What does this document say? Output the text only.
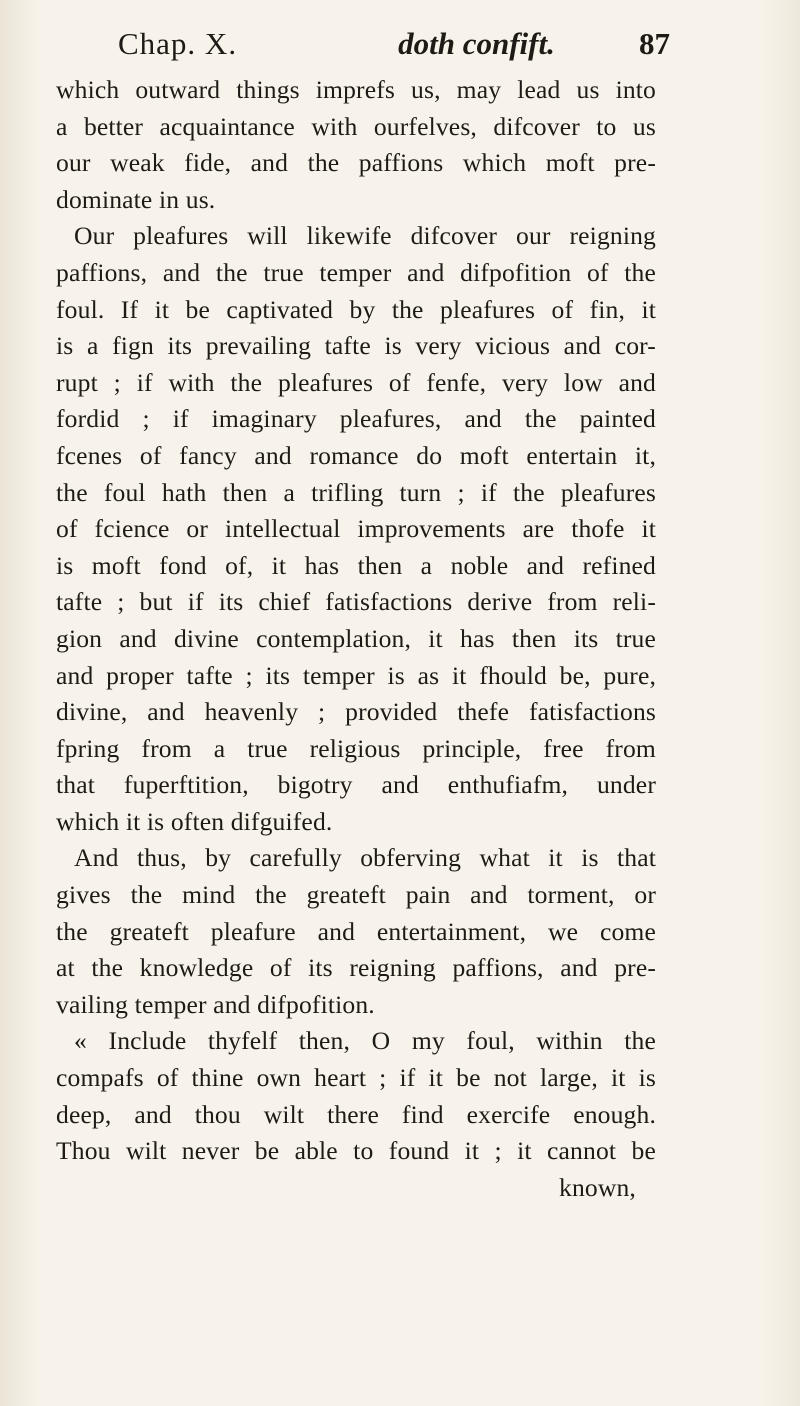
Chap. X.	doth confift.	87
which outward things imprefs us, may lead us into
a better acquaintance with ourfelves, difcover to us
our weak fide, and the paffions which moft pre-
dominate in us.
Our pleafures will likewife difcover our reigning
paffions, and the true temper and difpofition of the
foul. If it be captivated by the pleafures of fin, it
is a fign its prevailing tafte is very vicious and cor-
rupt ; if with the pleafures of fenfe, very low and
fordid ; if imaginary pleafures, and the painted
fcenes of fancy and romance do moft entertain it,
the foul hath then a trifling turn ; if the pleafures
of fcience or intellectual improvements are thofe it
is moft fond of, it has then a noble and refined
tafte ; but if its chief fatisfactions derive from reli-
gion and divine contemplation, it has then its true
and proper tafte ; its temper is as it fhould be, pure,
divine, and heavenly ; provided thefe fatisfactions
fpring from a true religious principle, free from
that fuperftition, bigotry and enthufiafm, under
which it is often difguifed.
And thus, by carefully obferving what it is that
gives the mind the greateft pain and torment, or
the greateft pleafure and entertainment, we come
at the knowledge of its reigning paffions, and pre-
vailing temper and difpofition.
« Include thyfelf then, O my foul, within the
compafs of thine own heart ; if it be not large, it is
deep, and thou wilt there find exercife enough.
Thou wilt never be able to found it ; it cannot be
known,
